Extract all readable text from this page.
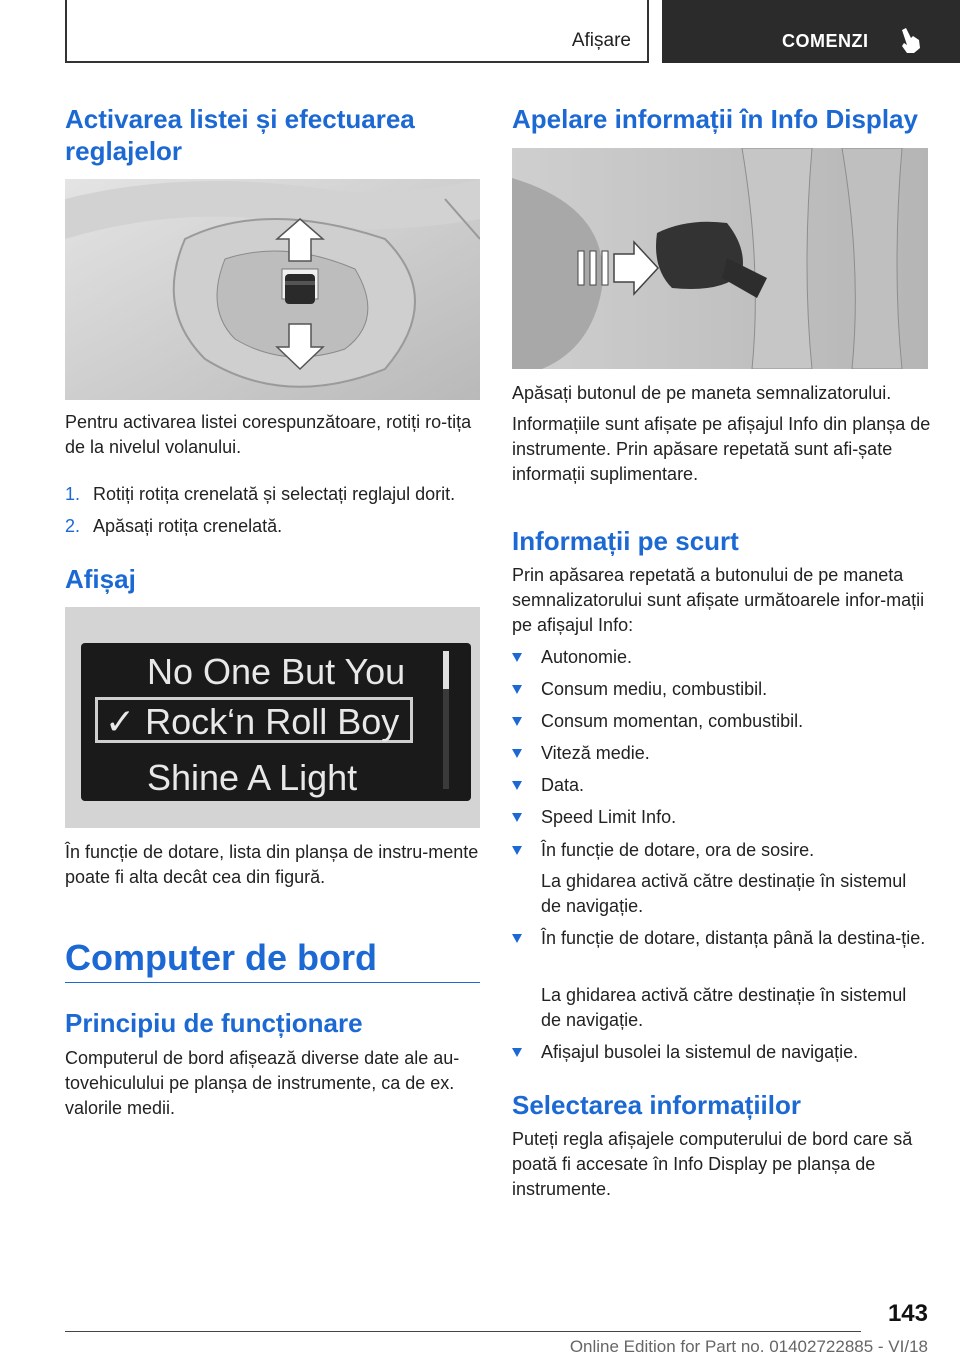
Afișare	COMENZI
Activarea listei și efectuarea reglajelor

Pentru activarea listei corespunzătoare, rotiți ro-tița de la nivelul volanului.

1. Rotiți rotița crenelată și selectați reglajul dorit.
2. Apăsați rotița crenelată.
Afișaj
No One But You
✓ Rock‘n Roll Boy
Shine A Light

În funcție de dotare, lista din planșa de instru-mente poate fi alta decât cea din figură.

Computer de bord
Principiu de funcționare

Computerul de bord afișează diverse date ale au-tovehiculului pe planșa de instrumente, ca de ex. valorile medii.

Apelare informații în Info Display

Apăsați butonul de pe maneta semnalizatorului.

Informațiile sunt afișate pe afișajul Info din planșa de instrumente. Prin apăsare repetată sunt afi-șate informații suplimentare.

Informații pe scurt

Prin apăsarea repetată a butonului de pe maneta semnalizatorului sunt afișate următoarele infor-mații pe afișajul Info:

Autonomie.
Consum mediu, combustibil.
Consum momentan, combustibil.
Viteză medie.
Data.
Speed Limit Info.
În funcție de dotare, ora de sosire.

La ghidarea activă către destinație în sistemul de navigație.

În funcție de dotare, distanța până la destina-ție.

La ghidarea activă către destinație în sistemul de navigație.

Afișajul busolei la sistemul de navigație.
Selectarea informațiilor

Puteți regla afișajele computerului de bord care să poată fi accesate în Info Display pe planșa de instrumente.

143
Online Edition for Part no. 01402722885 - VI/18
